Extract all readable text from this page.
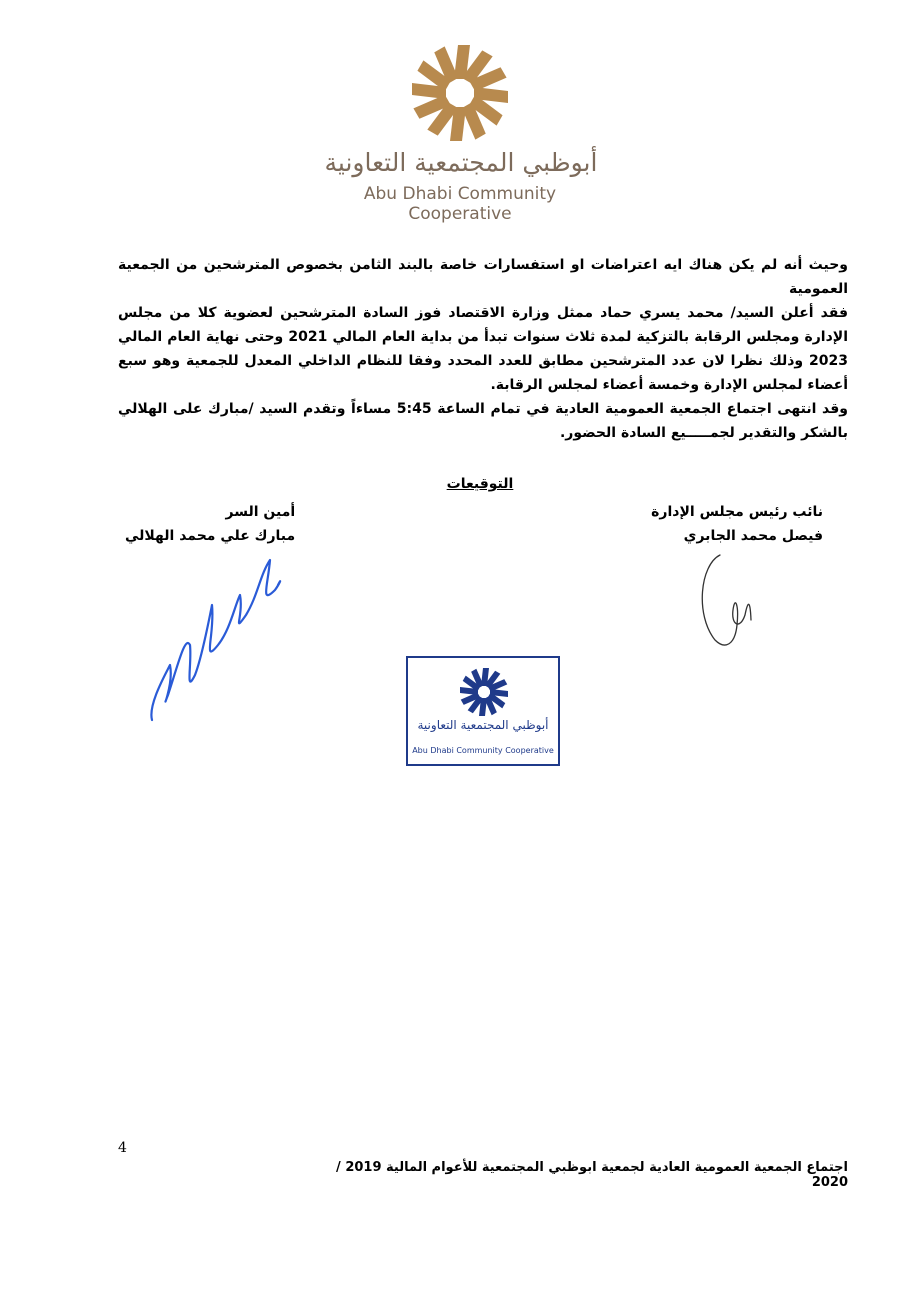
أبوظبي المجتمعية التعاونية
Abu Dhabi Community Cooperative

وحيث أنه لم يكن هناك ايه اعتراضات او استفسارات خاصة بالبند الثامن بخصوص المترشحين من الجمعية العمومية

فقد أعلن السيد/ محمد يسري حماد ممثل وزارة الاقتصاد فوز السادة المترشحين لعضوية كلا من مجلس الإدارة ومجلس الرقابة بالتزكية لمدة ثلاث سنوات تبدأ من بداية العام المالي 2021 وحتى نهاية العام المالي 2023 وذلك نظرا لان عدد المترشحين مطابق للعدد المحدد وفقا للنظام الداخلي المعدل للجمعية وهو سبع أعضاء لمجلس الإدارة وخمسة أعضاء لمجلس الرقابة.

وقد انتهى اجتماع الجمعية العمومية العادية في تمام الساعة 5:45 مساءاً وتقدم السيد /مبارك على الهلالي بالشكر والتقدير لجمـــــيع السادة الحضور.

التوقيعات
نائب رئيس مجلس الإدارة
فيصل محمد الجابري
أمين السر
مبارك علي محمد الهلالي
أبوظبي المجتمعية التعاونية
Abu Dhabi Community Cooperative
4
اجتماع الجمعية العمومية العادية لجمعية ابوظبي المجتمعية للأعوام المالية 2019 / 2020
